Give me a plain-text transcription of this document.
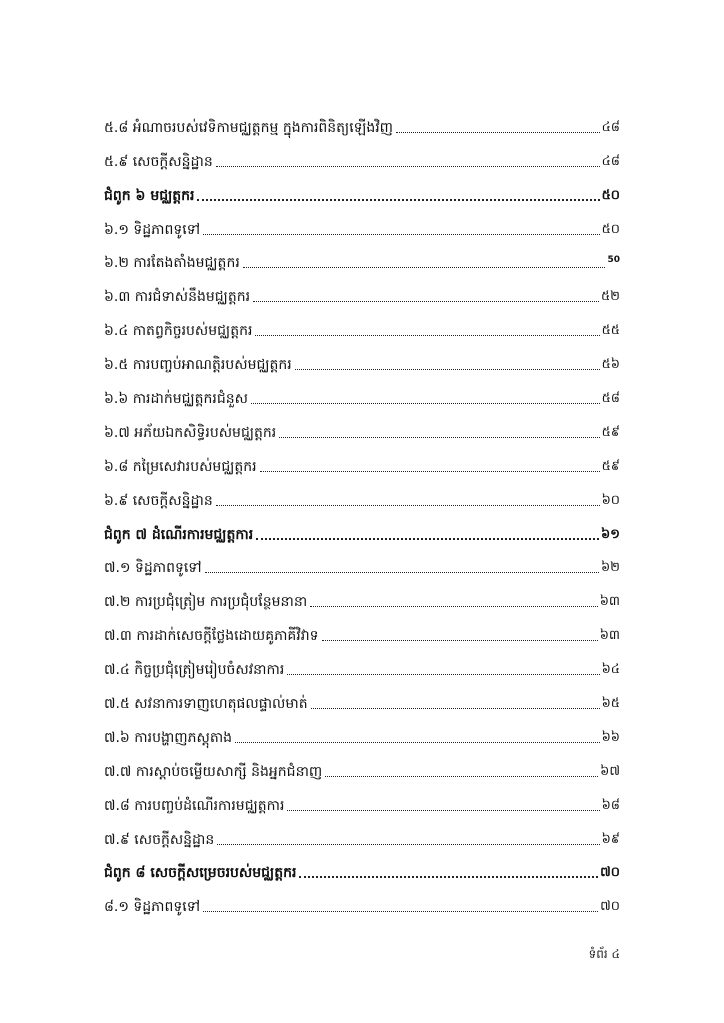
៥.៨ អំណាចរបស់វេទិកាមជ្ឈត្តកម្ម ក្នុងការពិនិត្យឡើងវិញ	៤៨
៥.៩ សេចក្តីសន្និដ្ឋាន	៤៨
ជំពូក ៦ មជ្ឈត្តករ	៥០
៦.១ ទិដ្ឋភាពទូទៅ	៥០
៦.២ ការតែងតាំងមជ្ឈត្តករ	50
៦.៣ ការជំទាស់នឹងមជ្ឈត្តករ	៥២
៦.៤ កាតព្វកិច្ចរបស់មជ្ឈត្តករ	៥៥
៦.៥ ការបញ្ចប់អាណត្តិរបស់មជ្ឈត្តករ	៥៦
៦.៦ ការដាក់មជ្ឈត្តករជំនួស	៥៨
៦.៧ អភ័យឯកសិទ្ធិរបស់មជ្ឈត្តករ	៥៩
៦.៨ កម្រៃសេវារបស់មជ្ឈត្តករ	៥៩
៦.៩ សេចក្តីសន្និដ្ឋាន	៦០
ជំពូក ៧ ដំណើរការមជ្ឈត្តការ	៦១
៧.១ ទិដ្ឋភាពទូទៅ	៦២
៧.២ ការប្រជុំត្រៀម ការប្រជុំបន្ថែមនានា	៦៣
៧.៣ ការដាក់សេចក្តីថ្លែងដោយគូភាគីវិវាទ	៦៣
៧.៤ កិច្ចប្រជុំត្រៀមរៀបចំសវនាការ	៦៤
៧.៥ សវនាការទាញហេតុផលផ្ទាល់មាត់	៦៥
៧.៦ ការបង្ហាញភស្តុតាង	៦៦
៧.៧ ការស្តាប់ចម្លើយសាក្សី និងអ្នកជំនាញ	៦៧
៧.៨ ការបញ្ចប់ដំណើរការមជ្ឈត្តការ	៦៨
៧.៩ សេចក្តីសន្និដ្ឋាន	៦៩
ជំពូក ៨ សេចក្តីសម្រេចរបស់មជ្ឈត្តករ	៧០
៨.១ ទិដ្ឋភាពទូទៅ	៧០
ទំព័រ ៤
